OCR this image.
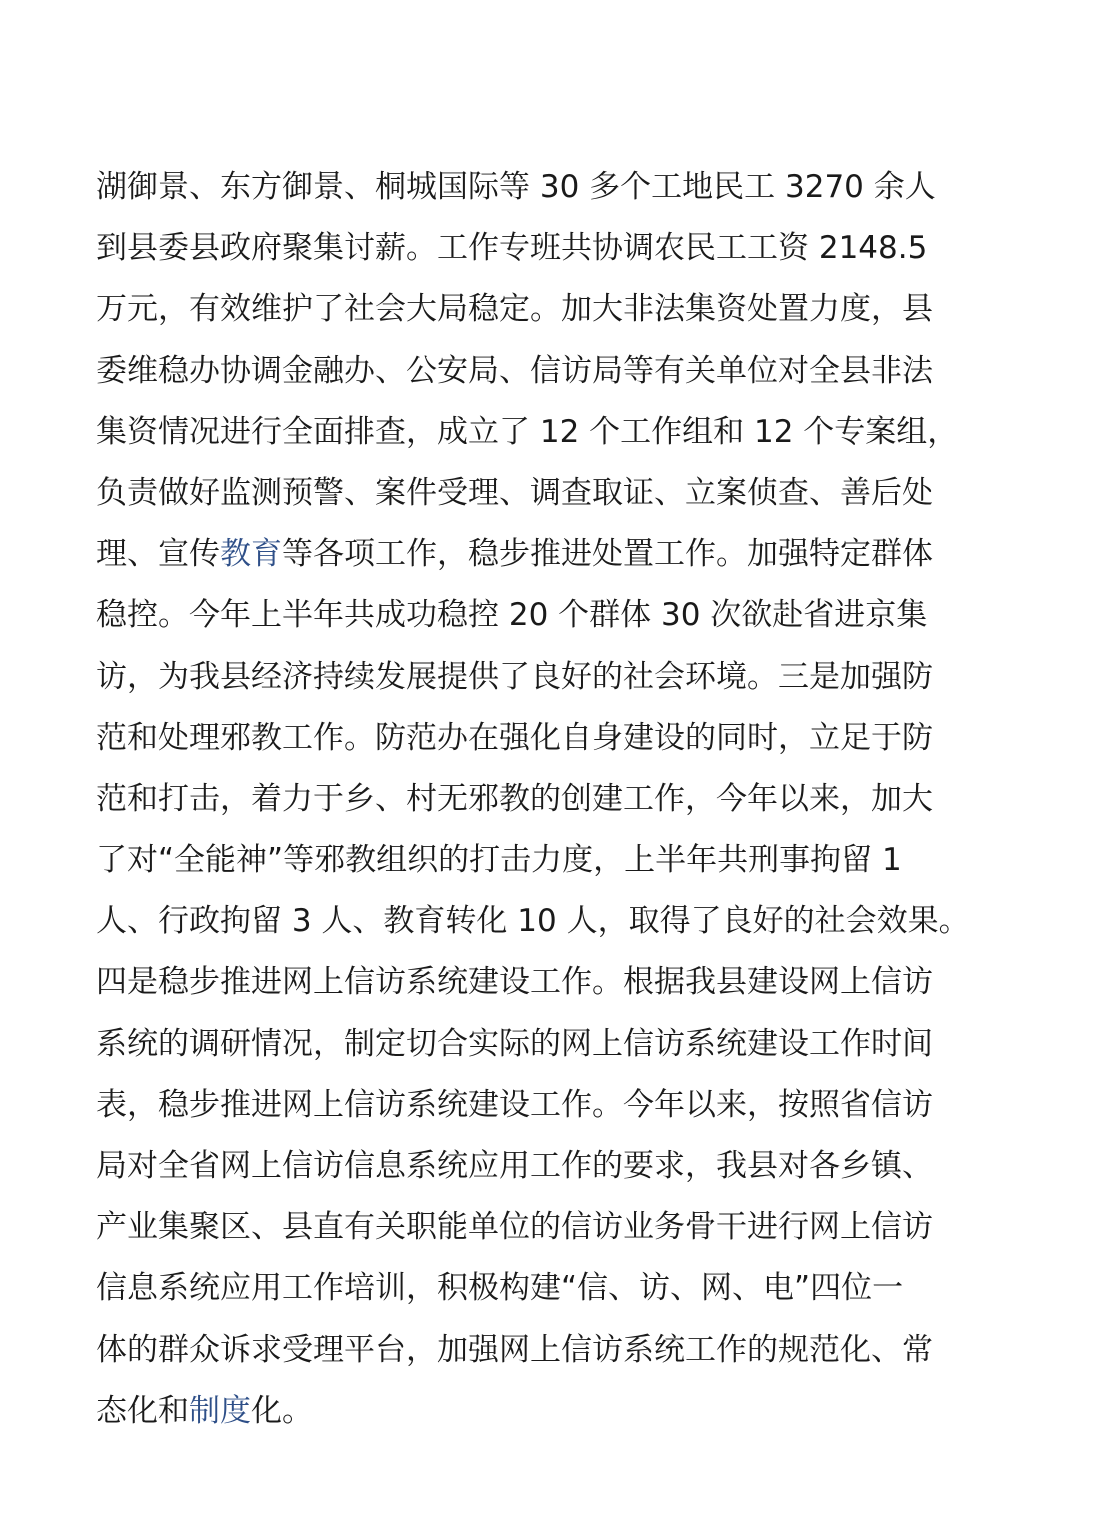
湖御景、东方御景、桐城国际等 30 多个工地民工 3270 余人
到县委县政府聚集讨薪。工作专班共协调农民工工资 2148.5
万元，有效维护了社会大局稳定。加大非法集资处置力度，县
委维稳办协调金融办、公安局、信访局等有关单位对全县非法
集资情况进行全面排查，成立了 12 个工作组和 12 个专案组，
负责做好监测预警、案件受理、调查取证、立案侦查、善后处
理、宣传教育等各项工作，稳步推进处置工作。加强特定群体
稳控。今年上半年共成功稳控 20 个群体 30 次欲赴省进京集
访，为我县经济持续发展提供了良好的社会环境。三是加强防
范和处理邪教工作。防范办在强化自身建设的同时，立足于防
范和打击，着力于乡、村无邪教的创建工作，今年以来，加大
了对“全能神”等邪教组织的打击力度，上半年共刑事拘留 1
人、行政拘留 3 人、教育转化 10 人，取得了良好的社会效果。
四是稳步推进网上信访系统建设工作。根据我县建设网上信访
系统的调研情况，制定切合实际的网上信访系统建设工作时间
表，稳步推进网上信访系统建设工作。今年以来，按照省信访
局对全省网上信访信息系统应用工作的要求，我县对各乡镇、
产业集聚区、县直有关职能单位的信访业务骨干进行网上信访
信息系统应用工作培训，积极构建“信、访、网、电”四位一
体的群众诉求受理平台，加强网上信访系统工作的规范化、常
态化和制度化。
